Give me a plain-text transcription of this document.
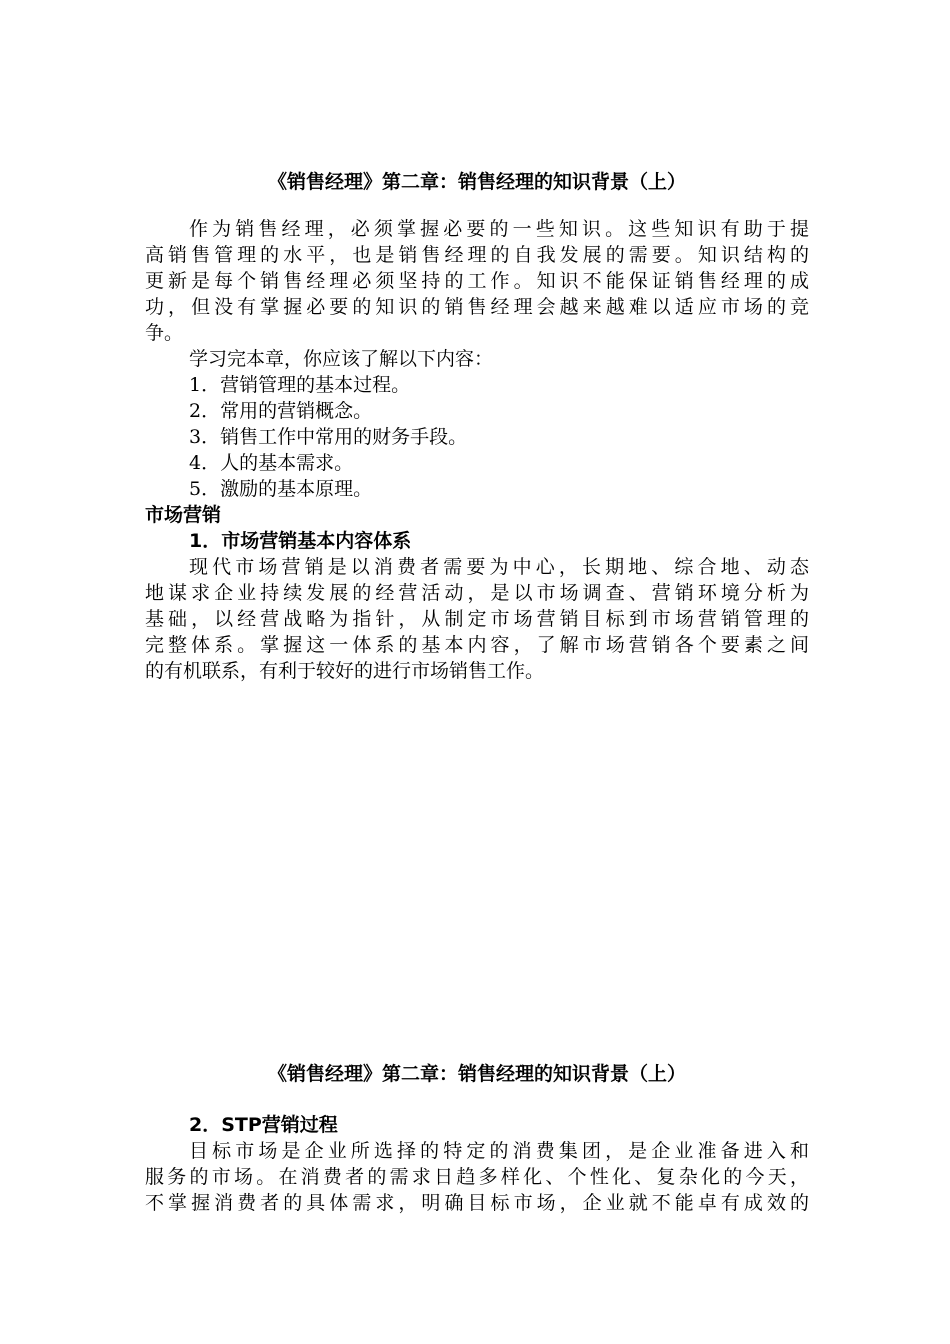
《销售经理》第二章：销售经理的知识背景（上）
作为销售经理，必须掌握必要的一些知识。这些知识有助于提
高销售管理的水平，也是销售经理的自我发展的需要。知识结构的
更新是每个销售经理必须坚持的工作。知识不能保证销售经理的成
功，但没有掌握必要的知识的销售经理会越来越难以适应市场的竞
争。
学习完本章，你应该了解以下内容：
1．营销管理的基本过程。
2．常用的营销概念。
3．销售工作中常用的财务手段。
4．人的基本需求。
5．激励的基本原理。
市场营销
1．市场营销基本内容体系
现代市场营销是以消费者需要为中心，长期地、综合地、动态
地谋求企业持续发展的经营活动，是以市场调查、营销环境分析为
基础，以经营战略为指针，从制定市场营销目标到市场营销管理的
完整体系。掌握这一体系的基本内容，了解市场营销各个要素之间
的有机联系，有利于较好的进行市场销售工作。
《销售经理》第二章：销售经理的知识背景（上）
2．STP营销过程
目标市场是企业所选择的特定的消费集团，是企业准备进入和
服务的市场。在消费者的需求日趋多样化、个性化、复杂化的今天，
不掌握消费者的具体需求，明确目标市场，企业就不能卓有成效的
